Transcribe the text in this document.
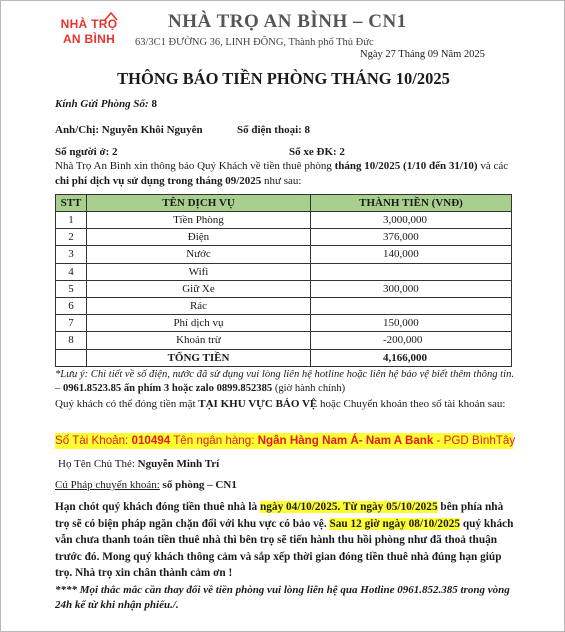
NHÀ TRỌ
AN BÌNH
NHÀ TRỌ AN BÌNH – CN1
63/3C1 ĐƯỜNG 36, LINH ĐÔNG, Thành phố Thủ Đức
Ngày 27 Tháng 09 Năm 2025
THÔNG BÁO TIỀN PHÒNG THÁNG 10/2025
Kính Gửi Phòng Số: 8
Anh/Chị: Nguyễn Khôi Nguyên	Số điện thoại: 8
Số người ở: 2	Số xe ĐK: 2
Nhà Trọ An Bình xin thông báo Quý Khách về tiền thuê phòng tháng 10/2025 (1/10 đến 31/10) và các chi phí dịch vụ sử dụng trong tháng 09/2025 như sau:
STT	TÊN DỊCH VỤ	THÀNH TIỀN (VNĐ)
1	Tiền Phòng	3,000,000
2	Điện	376,000
3	Nước	140,000
4	Wifi	
5	Giữ Xe	300,000
6	Rác	
7	Phí dịch vụ	150,000
8	Khoản trừ	-200,000
	TỔNG TIỀN	4,166,000
*Lưu ý: Chi tiết về số điện, nước đã sử dụng vui lòng liên hệ hotline hoặc liên hệ bảo vệ biết thêm thông tin. – 0961.8523.85 ấn phím 3 hoặc zalo 0899.852385 (giờ hành chính)
Quý khách có thể đóng tiền mặt TẠI KHU VỰC BẢO VỆ hoặc Chuyển khoản theo số tài khoản sau:
Số Tài Khoản: 010494 Tên ngân hàng: Ngân Hàng Nam Á- Nam A Bank - PGD BìnhTây
Họ Tên Chủ Thẻ: Nguyễn Minh Trí
Cú Pháp chuyển khoản: số phòng – CN1
Hạn chót quý khách đóng tiền thuê nhà là ngày 04/10/2025. Từ ngày 05/10/2025 bên phía nhà trọ sẽ có biện pháp ngăn chặn đối với khu vực có bảo vệ. Sau 12 giờ ngày 08/10/2025 quý khách vẫn chưa thanh toán tiền thuê nhà thì bên trọ sẽ tiến hành thu hồi phòng như đã thoả thuận trước đó. Mong quý khách thông cảm và sắp xếp thời gian đóng tiền thuê nhà đúng hạn giúp trọ. Nhà trọ xin chân thành cảm ơn !
**** Mọi thắc mắc cần thay đổi về tiền phòng vui lòng liên hệ qua Hotline 0961.852.385 trong vòng 24h kể từ khi nhận phiếu./.
